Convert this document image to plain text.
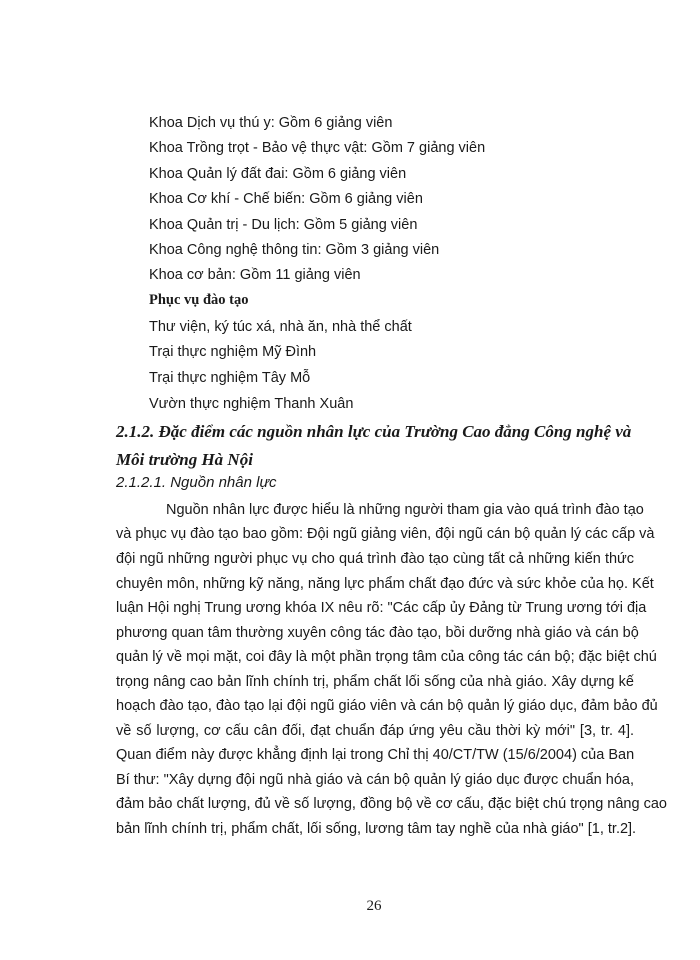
Khoa Dịch vụ thú y: Gồm 6 giảng viên
Khoa Trồng trọt - Bảo vệ thực vật: Gồm 7 giảng viên
Khoa Quản lý đất đai: Gồm 6 giảng viên
Khoa Cơ khí - Chế biến: Gồm 6 giảng viên
Khoa Quản trị - Du lịch: Gồm 5 giảng viên
Khoa Công nghệ thông tin: Gồm 3 giảng viên
Khoa cơ bản: Gồm 11 giảng viên
Phục vụ đào tạo
Thư viện, ký túc xá, nhà ăn, nhà thể chất
Trại thực nghiệm Mỹ Đình
Trại thực nghiệm Tây Mỗ
Vườn thực nghiệm Thanh Xuân
2.1.2. Đặc điểm các nguồn nhân lực của Trường Cao đẳng Công nghệ và
Môi trường Hà Nội
2.1.2.1. Nguồn nhân lực
Nguồn nhân lực được hiểu là những người tham gia vào quá trình đào tạo
và phục vụ đào tạo bao gồm: Đội ngũ giảng viên, đội ngũ cán bộ quản lý các cấp và
đội ngũ những người phục vụ cho quá trình đào tạo cùng tất cả những kiến thức
chuyên môn, những kỹ năng, năng lực phẩm chất đạo đức và sức khỏe của họ. Kết
luận Hội nghị Trung ương khóa IX nêu rõ: "Các cấp ủy Đảng từ Trung ương tới địa
phương quan tâm thường xuyên công tác đào tạo, bồi dưỡng nhà giáo và cán bộ
quản lý về mọi mặt, coi đây là một phần trọng tâm của công tác cán bộ; đặc biệt chú
trọng nâng cao bản lĩnh chính trị, phẩm chất lối sống của nhà giáo. Xây dựng kế
hoạch đào tạo, đào tạo lại đội ngũ giáo viên và cán bộ quản lý giáo dục, đảm bảo đủ
về số lượng, cơ cấu cân đối, đạt chuẩn đáp ứng yêu cầu thời kỳ mới" [3, tr. 4].
Quan điểm này được khẳng định lại trong Chỉ thị 40/CT/TW (15/6/2004) của Ban
Bí thư: "Xây dựng đội ngũ nhà giáo và cán bộ quản lý giáo dục được chuẩn hóa,
đảm bảo chất lượng, đủ về số lượng, đồng bộ về cơ cấu, đặc biệt chú trọng nâng cao
bản lĩnh chính trị, phẩm chất, lối sống, lương tâm tay nghề của nhà giáo" [1, tr.2].
26
